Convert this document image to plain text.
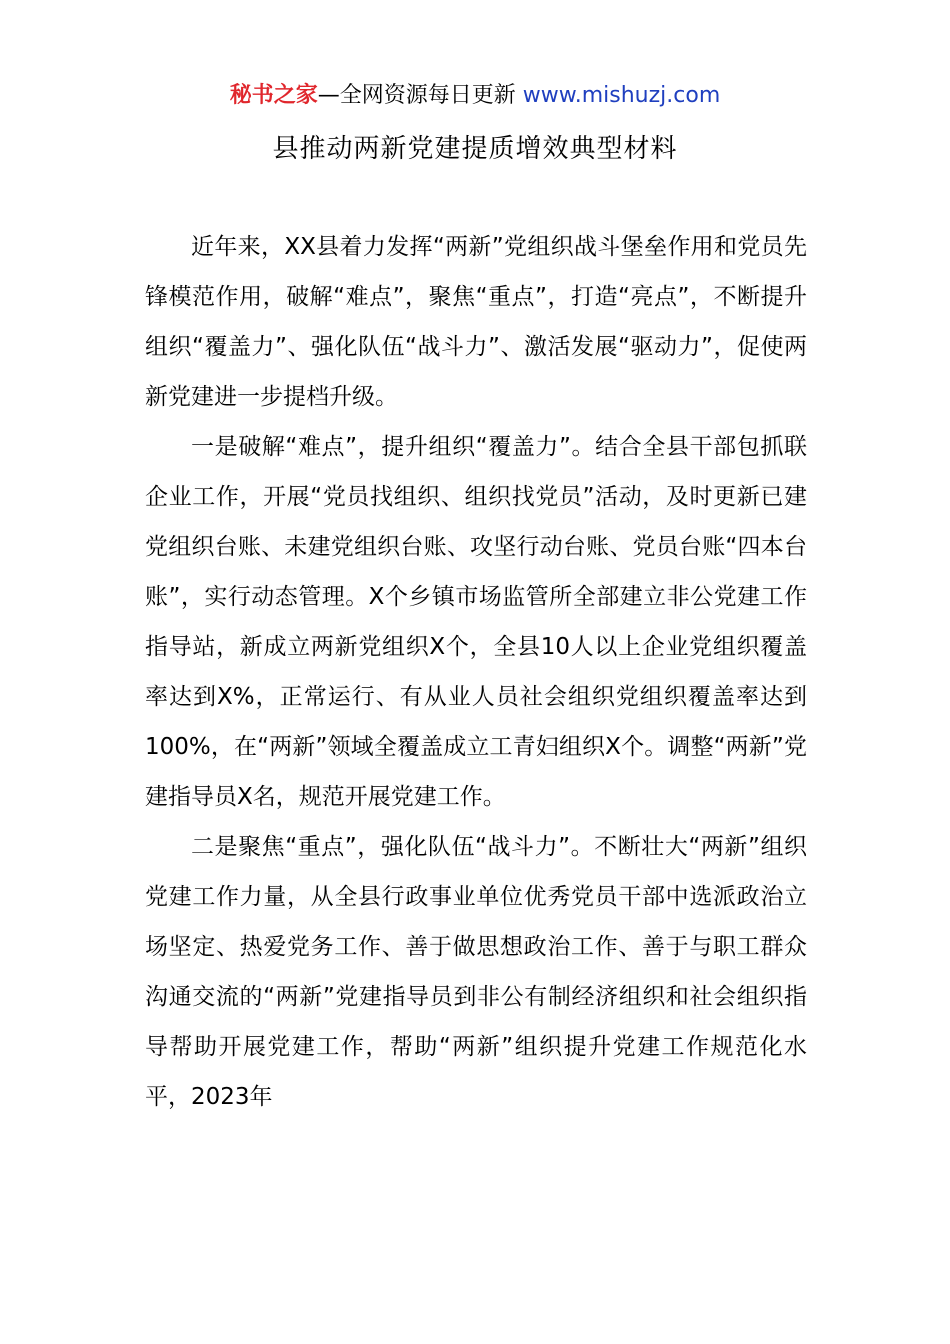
秘书之家—全网资源每日更新 www.mishuzj.com
县推动两新党建提质增效典型材料

近年来，XX县着力发挥“两新”党组织战斗堡垒作用和党员先锋模范作用，破解“难点”，聚焦“重点”，打造“亮点”，不断提升组织“覆盖力”、强化队伍“战斗力”、激活发展“驱动力”，促使两新党建进一步提档升级。

一是破解“难点”，提升组织“覆盖力”。结合全县干部包抓联企业工作，开展“党员找组织、组织找党员”活动，及时更新已建党组织台账、未建党组织台账、攻坚行动台账、党员台账“四本台账”，实行动态管理。X个乡镇市场监管所全部建立非公党建工作指导站，新成立两新党组织X个，全县10人以上企业党组织覆盖率达到X%，正常运行、有从业人员社会组织党组织覆盖率达到100%，在“两新”领域全覆盖成立工青妇组织X个。调整“两新”党建指导员X名，规范开展党建工作。

二是聚焦“重点”，强化队伍“战斗力”。不断壮大“两新”组织党建工作力量，从全县行政事业单位优秀党员干部中选派政治立场坚定、热爱党务工作、善于做思想政治工作、善于与职工群众沟通交流的“两新”党建指导员到非公有制经济组织和社会组织指导帮助开展党建工作，帮助“两新”组织提升党建工作规范化水平，2023年
